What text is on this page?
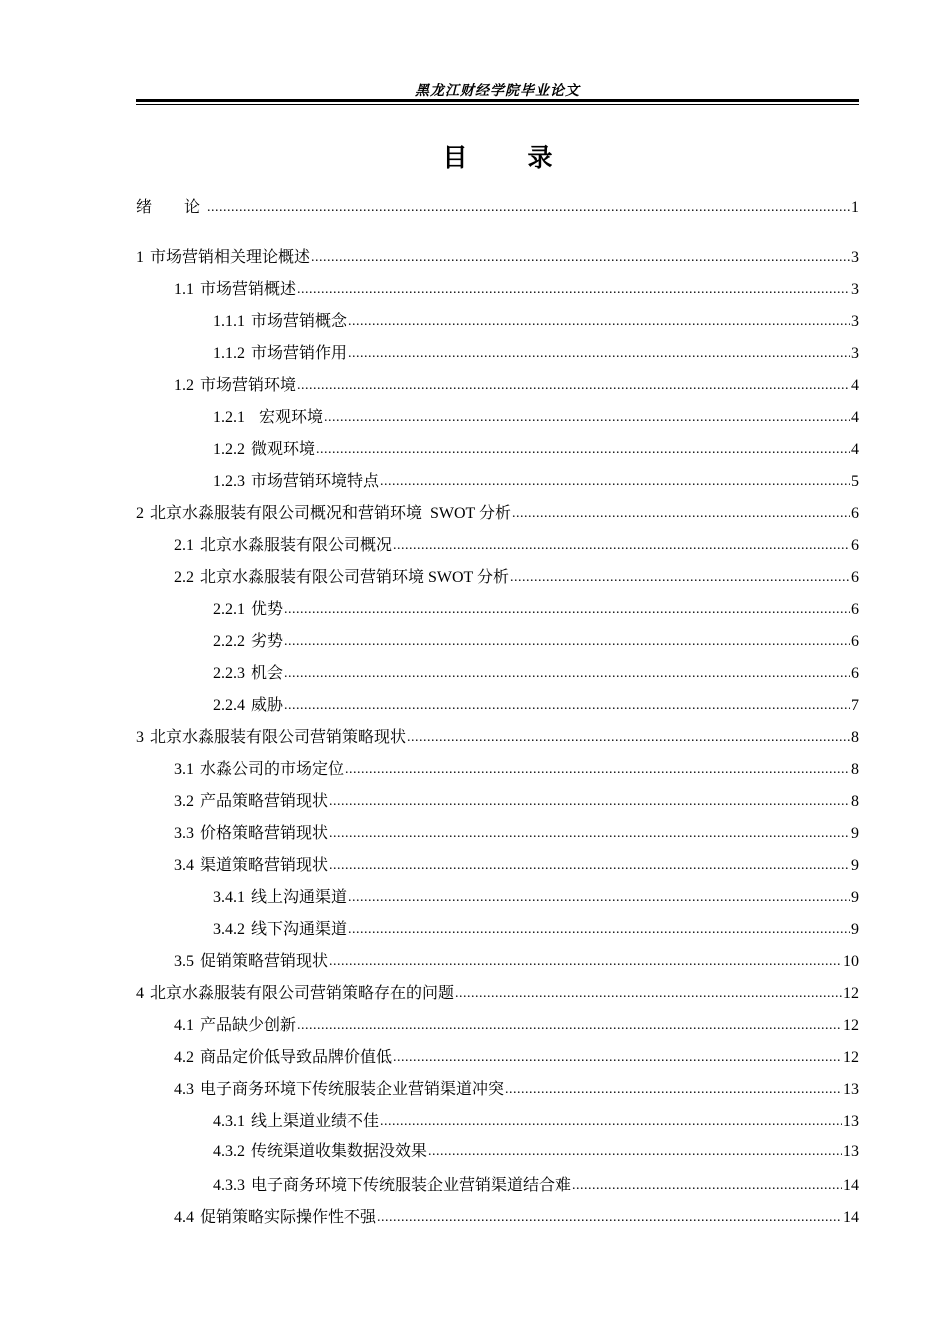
黑龙江财经学院毕业论文
目 录
绪　　论 .....	1
1 市场营销相关理论概述 .....	3
1.1 市场营销概述 .....	3
1.1.1 市场营销概念 .....	3
1.1.2 市场营销作用 .....	3
1.2 市场营销环境 .....	4
1.2.1  宏观环境 .....	4
1.2.2 微观环境 .....	4
1.2.3 市场营销环境特点 .....	5
2 北京水淼服装有限公司概况和营销环境  SWOT 分析 .....	6
2.1 北京水淼服装有限公司概况 .....	6
2.2 北京水淼服装有限公司营销环境 SWOT 分析 .....	6
2.2.1 优势 .....	6
2.2.2 劣势 .....	6
2.2.3 机会 .....	6
2.2.4 威胁 .....	7
3 北京水淼服装有限公司营销策略现状 .....	8
3.1 水淼公司的市场定位 .....	8
3.2 产品策略营销现状 .....	8
3.3 价格策略营销现状 .....	9
3.4 渠道策略营销现状 .....	9
3.4.1 线上沟通渠道 .....	9
3.4.2 线下沟通渠道 .....	9
3.5 促销策略营销现状 .....	10
4 北京水淼服装有限公司营销策略存在的问题 .....	12
4.1 产品缺少创新 .....	12
4.2 商品定价低导致品牌价值低 .....	12
4.3 电子商务环境下传统服装企业营销渠道冲突 .....	13
4.3.1 线上渠道业绩不佳 .....	13
4.3.2 传统渠道收集数据没效果 .....	13
4.3.3 电子商务环境下传统服装企业营销渠道结合难 .....	14
4.4 促销策略实际操作性不强 .....	14
